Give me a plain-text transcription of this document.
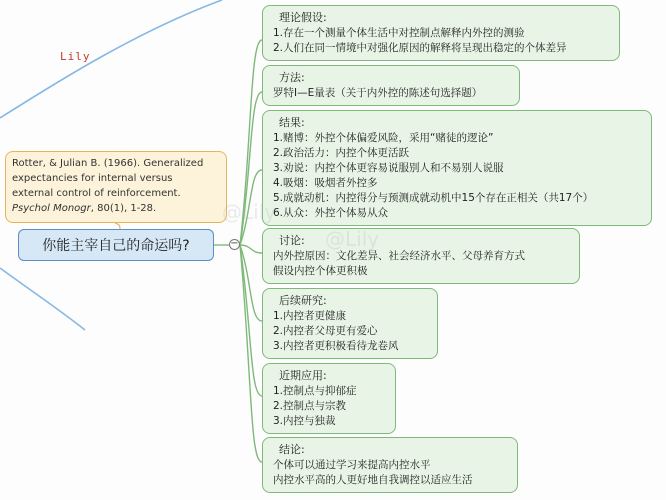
Lily
Rotter, & Julian B. (1966). Generalized
expectancies for internal versus
external control of reinforcement.
Psychol Monogr, 80(1), 1-28.
你能主宰自己的命运吗?	−
理论假设:
1.存在一个测量个体生活中对控制点解释内外控的测验
2.人们在同一情境中对强化原因的解释将呈现出稳定的个体差异
方法:
罗特I—E量表（关于内外控的陈述句选择题）
结果:
1.赌博：外控个体偏爱风险，采用“赌徒的逻论”
2.政治活力：内控个体更活跃
3.劝说：内控个体更容易说服别人和不易别人说服
4.吸烟：吸烟者外控多
5.成就动机：内控得分与预测成就动机中15个存在正相关（共17个）
6.从众：外控个体易从众
讨论:
内外控原因：文化差异、社会经济水平、父母养育方式
假设内控个体更积极
后续研究:
1.内控者更健康
2.内控者父母更有爱心
3.内控者更积极看待龙卷风
近期应用:
1.控制点与抑郁症
2.控制点与宗教
3.内控与独裁
结论:
个体可以通过学习来提高内控水平
内控水平高的人更好地自我调控以适应生活
@Lily
@Lily
